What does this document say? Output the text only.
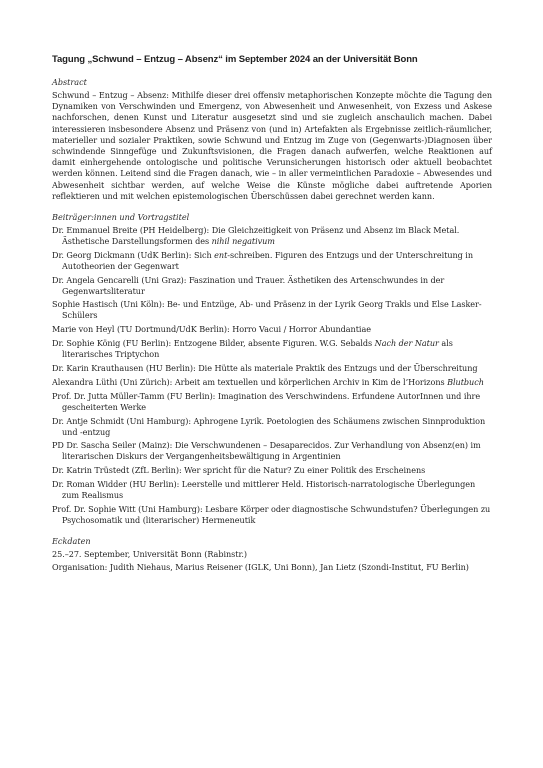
Tagung „Schwund – Entzug – Absenz“ im September 2024 an der Universität Bonn
Abstract

Schwund – Entzug – Absenz: Mithilfe dieser drei offensiv metaphorischen Konzepte möchte die Tagung den Dynamiken von Verschwinden und Emergenz, von Abwesenheit und Anwesenheit, von Exzess und Askese nachforschen, denen Kunst und Literatur ausgesetzt sind und sie zugleich anschaulich machen. Dabei interessieren insbesondere Absenz und Präsenz von (und in) Artefakten als Ergebnisse zeitlich-räumlicher, materieller und sozialer Praktiken, sowie Schwund und Entzug im Zuge von (Gegenwarts-)Diagnosen über schwindende Sinngefüge und Zukunftsvisionen, die Fragen danach aufwerfen, welche Reaktionen auf damit einhergehende ontologische und politische Verunsicherungen historisch oder aktuell beobachtet werden können. Leitend sind die Fragen danach, wie – in aller vermeintlichen Paradoxie – Abwesendes und Abwesenheit sichtbar werden, auf welche Weise die Künste mögliche dabei auftretende Aporien reflektieren und mit welchen epistemologischen Überschüssen dabei gerechnet werden kann.

Beiträger:innen und Vortragstitel
Dr. Emmanuel Breite (PH Heidelberg): Die Gleichzeitigkeit von Präsenz und Absenz im Black Metal. Ästhetische Darstellungsformen des nihil negativum
Dr. Georg Dickmann (UdK Berlin): Sich ent-schreiben. Figuren des Entzugs und der Unterschreitung in Autotheorien der Gegenwart
Dr. Angela Gencarelli (Uni Graz): Faszination und Trauer. Ästhetiken des Artenschwundes in der Gegenwartsliteratur
Sophie Hastisch (Uni Köln): Be- und Entzüge, Ab- und Präsenz in der Lyrik Georg Trakls und Else Lasker-Schülers
Marie von Heyl (TU Dortmund/UdK Berlin): Horro Vacui / Horror Abundantiae
Dr. Sophie König (FU Berlin): Entzogene Bilder, absente Figuren. W.G. Sebalds Nach der Natur als literarisches Triptychon
Dr. Karin Krauthausen (HU Berlin): Die Hütte als materiale Praktik des Entzugs und der Überschreitung
Alexandra Lüthi (Uni Zürich): Arbeit am textuellen und körperlichen Archiv in Kim de l’Horizons Blutbuch
Prof. Dr. Jutta Müller-Tamm (FU Berlin): Imagination des Verschwindens. Erfundene AutorInnen und ihre gescheiterten Werke
Dr. Antje Schmidt (Uni Hamburg): Aphrogene Lyrik. Poetologien des Schäumens zwischen Sinnproduktion und -entzug
PD Dr. Sascha Seiler (Mainz): Die Verschwundenen – Desaparecidos. Zur Verhandlung von Absenz(en) im literarischen Diskurs der Vergangenheitsbewältigung in Argentinien
Dr. Katrin Trüstedt (ZfL Berlin): Wer spricht für die Natur? Zu einer Politik des Erscheinens
Dr. Roman Widder (HU Berlin): Leerstelle und mittlerer Held. Historisch-narratologische Überlegungen zum Realismus
Prof. Dr. Sophie Witt (Uni Hamburg): Lesbare Körper oder diagnostische Schwundstufen? Überlegungen zu Psychosomatik und (literarischer) Hermeneutik
Eckdaten

25.–27. September, Universität Bonn (Rabinstr.)

Organisation: Judith Niehaus, Marius Reisener (IGLK, Uni Bonn), Jan Lietz (Szondi-Institut, FU Berlin)
